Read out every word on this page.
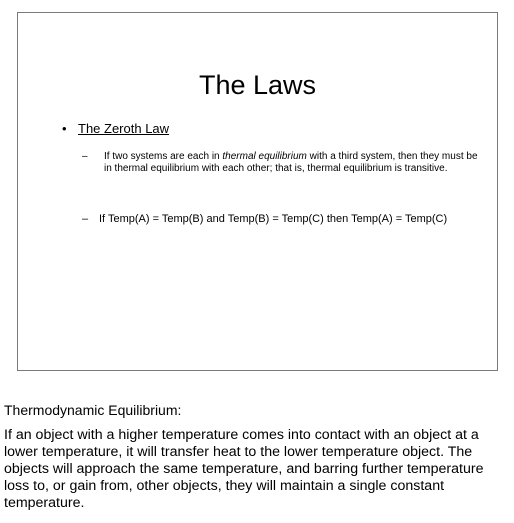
The Laws
• The Zeroth Law
– If two systems are each in thermal equilibrium with a third system, then they must be in thermal equilibrium with each other; that is, thermal equilibrium is transitive.
– If Temp(A) = Temp(B) and Temp(B) = Temp(C) then Temp(A) = Temp(C)
Thermodynamic Equilibrium:
If an object with a higher temperature comes into contact with an object at a lower temperature, it will transfer heat to the lower temperature object. The objects will approach the same temperature, and barring further temperature loss to, or gain from, other objects, they will maintain a single constant temperature.
